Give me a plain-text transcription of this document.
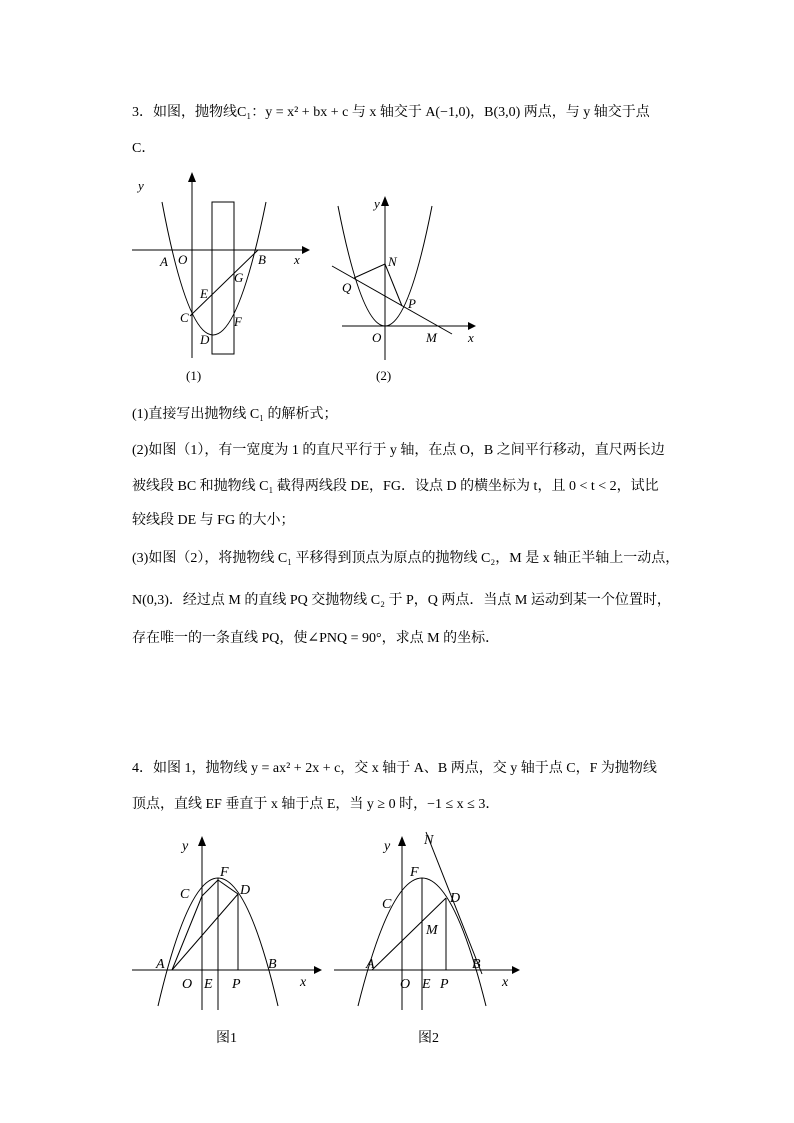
3．如图，抛物线C₁：y = x² + bx + c 与 x 轴交于 A(−1,0)，B(3,0) 两点，与 y 轴交于点
C．
y
x
A O	B
E
G
C	F
D
(1)
y
x
N
Q
P
O	M
(2)
(1)直接写出抛物线 C₁ 的解析式；
(2)如图（1），有一宽度为 1 的直尺平行于 y 轴，在点 O，B 之间平行移动，直尺两长边
被线段 BC 和抛物线 C₁ 截得两线段 DE，FG．设点 D 的横坐标为 t，且 0 < t < 2，试比
较线段 DE 与 FG 的大小；
(3)如图（2），将抛物线 C₁ 平移得到顶点为原点的抛物线 C₂，M 是 x 轴正半轴上一动点，
N(0,3)．经过点 M 的直线 PQ 交抛物线 C₂ 于 P，Q 两点．当点 M 运动到某一个位置时，
存在唯一的一条直线 PQ，使∠PNQ = 90°，求点 M 的坐标．
4．如图 1，抛物线 y = ax² + 2x + c，交 x 轴于 A、B 两点，交 y 轴于点 C，F 为抛物线
顶点，直线 EF 垂直于 x 轴于点 E，当 y ≥ 0 时，−1 ≤ x ≤ 3．
y
x
C
F
D
A	B
O E P
图1
y
x
N
F
C	D
M
A	B
O E P
图2
